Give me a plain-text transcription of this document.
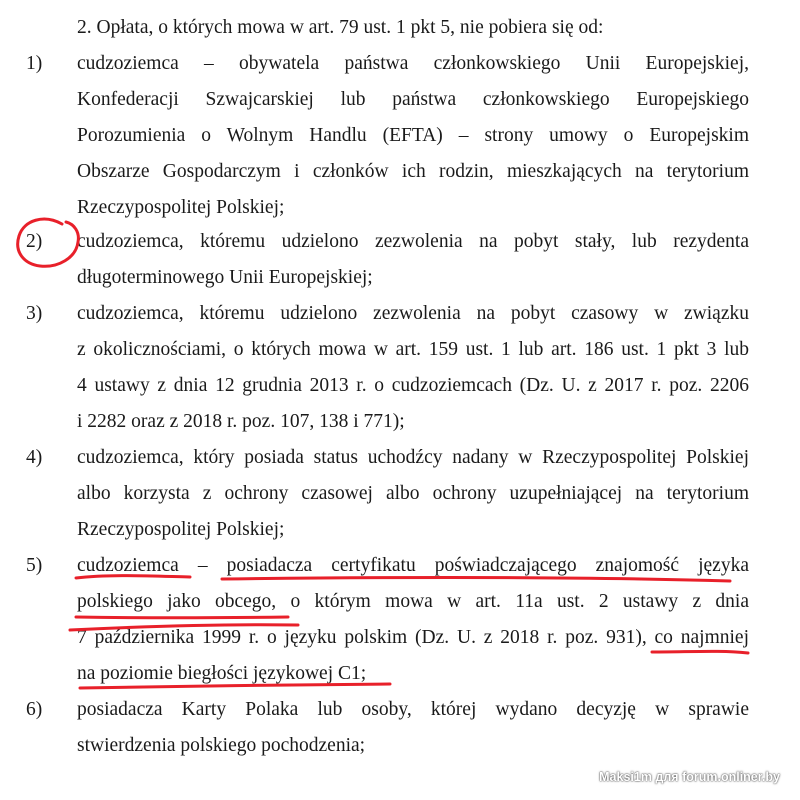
2. Opłata, o których mowa w art. 79 ust. 1 pkt 5, nie pobiera się od:
1) cudzoziemca – obywatela państwa członkowskiego Unii Europejskiej,
Konfederacji Szwajcarskiej lub państwa członkowskiego Europejskiego
Porozumienia o Wolnym Handlu (EFTA) – strony umowy o Europejskim
Obszarze Gospodarczym i członków ich rodzin, mieszkających na terytorium
Rzeczypospolitej Polskiej;
2) cudzoziemca, któremu udzielono zezwolenia na pobyt stały, lub rezydenta
długoterminowego Unii Europejskiej;
3) cudzoziemca, któremu udzielono zezwolenia na pobyt czasowy w związku
z okolicznościami, o których mowa w art. 159 ust. 1 lub art. 186 ust. 1 pkt 3 lub
4 ustawy z dnia 12 grudnia 2013 r. o cudzoziemcach (Dz. U. z 2017 r. poz. 2206
i 2282 oraz z 2018 r. poz. 107, 138 i 771);
4) cudzoziemca, który posiada status uchodźcy nadany w Rzeczypospolitej Polskiej
albo korzysta z ochrony czasowej albo ochrony uzupełniającej na terytorium
Rzeczypospolitej Polskiej;
5) cudzoziemca – posiadacza certyfikatu poświadczającego znajomość języka
polskiego jako obcego, o którym mowa w art. 11a ust. 2 ustawy z dnia
7 października 1999 r. o języku polskim (Dz. U. z 2018 r. poz. 931), co najmniej
na poziomie biegłości językowej C1;
6) posiadacza Karty Polaka lub osoby, której wydano decyzję w sprawie
stwierdzenia polskiego pochodzenia;
Maksi1m для forum.onliner.by
